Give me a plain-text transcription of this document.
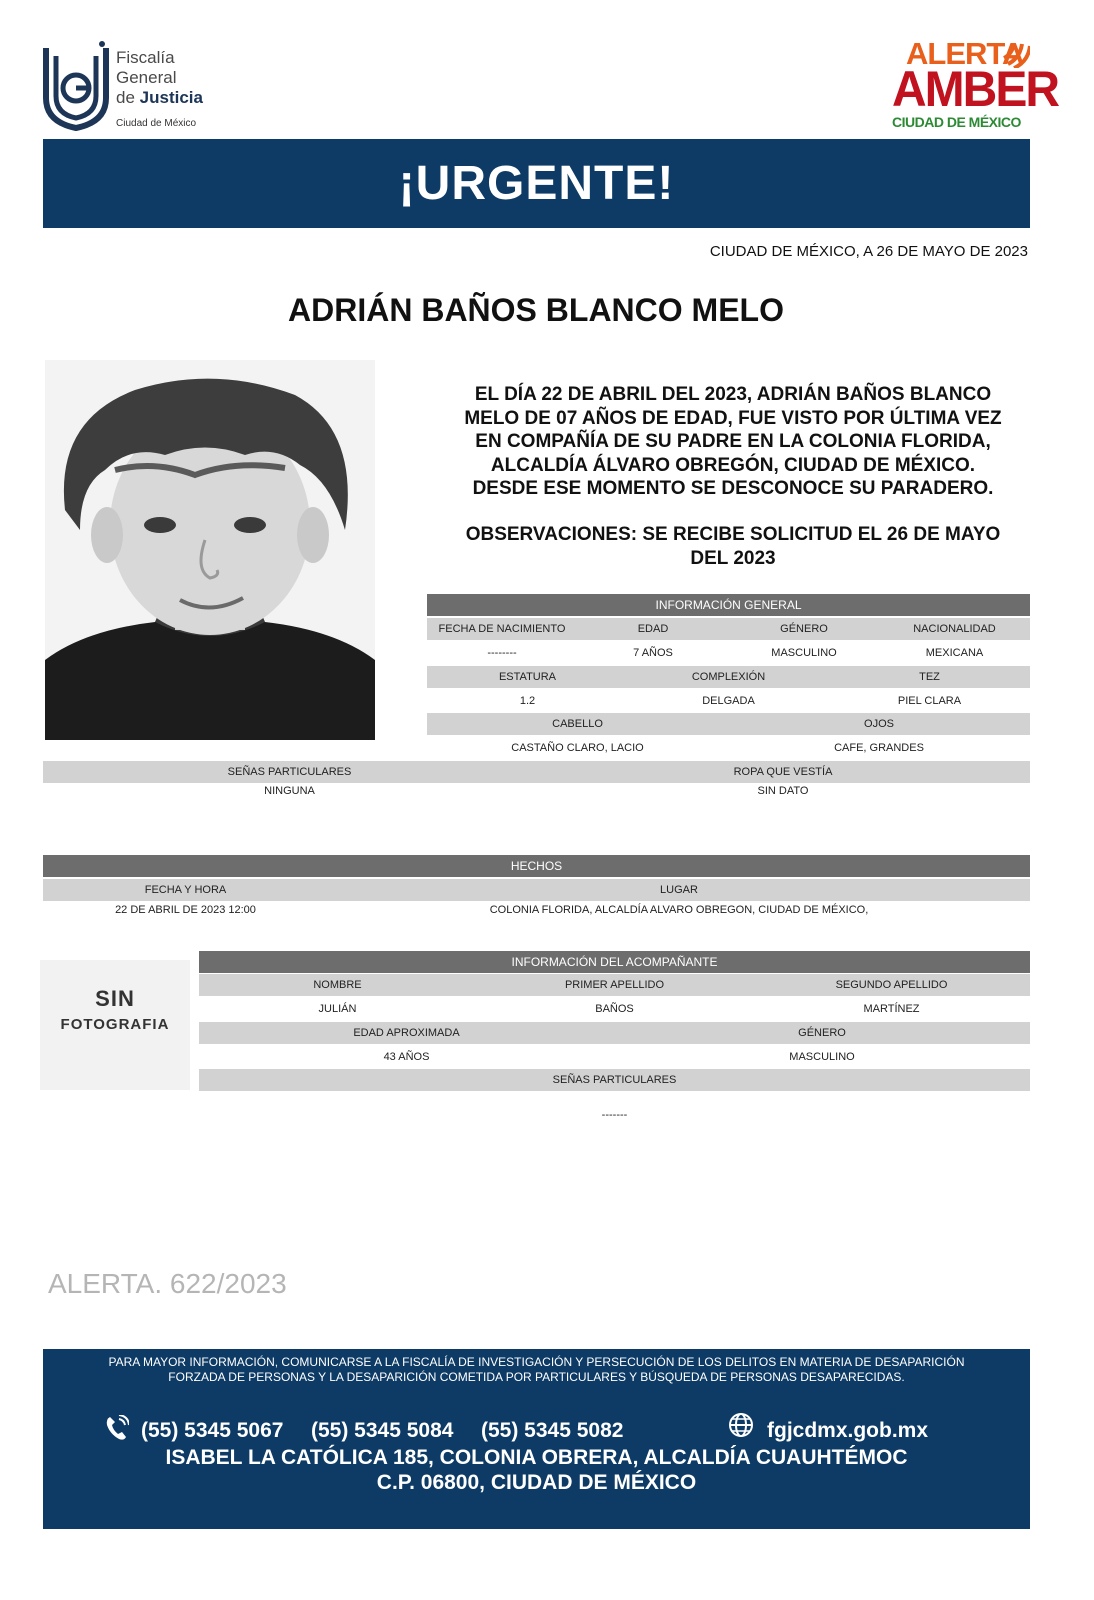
Fiscalía
General
de Justicia
Ciudad de México
ALERTA
AMBER
CIUDAD DE MÉXICO
¡URGENTE!
CIUDAD DE MÉXICO, A 26 DE MAYO DE 2023
ADRIÁN BAÑOS BLANCO MELO
EL DÍA 22 DE ABRIL DEL 2023, ADRIÁN BAÑOS BLANCO
MELO DE 07 AÑOS DE EDAD, FUE VISTO POR ÚLTIMA VEZ
EN COMPAÑÍA DE SU PADRE EN LA COLONIA FLORIDA,
ALCALDÍA ÁLVARO OBREGÓN, CIUDAD DE MÉXICO.
DESDE ESE MOMENTO SE DESCONOCE SU PARADERO.
OBSERVACIONES: SE RECIBE SOLICITUD EL 26 DE MAYO
DEL 2023
INFORMACIÓN GENERAL
FECHA DE NACIMIENTO	EDAD	GÉNERO	NACIONALIDAD
--------	7 AÑOS	MASCULINO	MEXICANA
ESTATURA	COMPLEXIÓN	TEZ
1.2	DELGADA	PIEL CLARA
CABELLO	OJOS
CASTAÑO CLARO, LACIO	CAFE, GRANDES
SEÑAS PARTICULARES	ROPA QUE VESTÍA
NINGUNA	SIN DATO
HECHOS
FECHA Y HORA	LUGAR
22 DE ABRIL DE 2023 12:00	COLONIA FLORIDA, ALCALDÍA ALVARO OBREGON, CIUDAD DE MÉXICO,
SIN
FOTOGRAFIA
INFORMACIÓN DEL ACOMPAÑANTE
NOMBRE	PRIMER APELLIDO	SEGUNDO APELLIDO
JULIÁN	BAÑOS	MARTÍNEZ
EDAD APROXIMADA	GÉNERO
43 AÑOS	MASCULINO
SEÑAS PARTICULARES
-------
ALERTA. 622/2023
PARA MAYOR INFORMACIÓN, COMUNICARSE A LA FISCALÍA DE INVESTIGACIÓN Y PERSECUCIÓN DE LOS DELITOS EN MATERIA DE DESAPARICIÓN
FORZADA DE PERSONAS Y LA DESAPARICIÓN COMETIDA POR PARTICULARES Y BÚSQUEDA DE PERSONAS DESAPARECIDAS.
(55) 5345 5067 (55) 5345 5084 (55) 5345 5082	fgjcdmx.gob.mx
ISABEL LA CATÓLICA 185, COLONIA OBRERA, ALCALDÍA CUAUHTÉMOC
C.P. 06800, CIUDAD DE MÉXICO
